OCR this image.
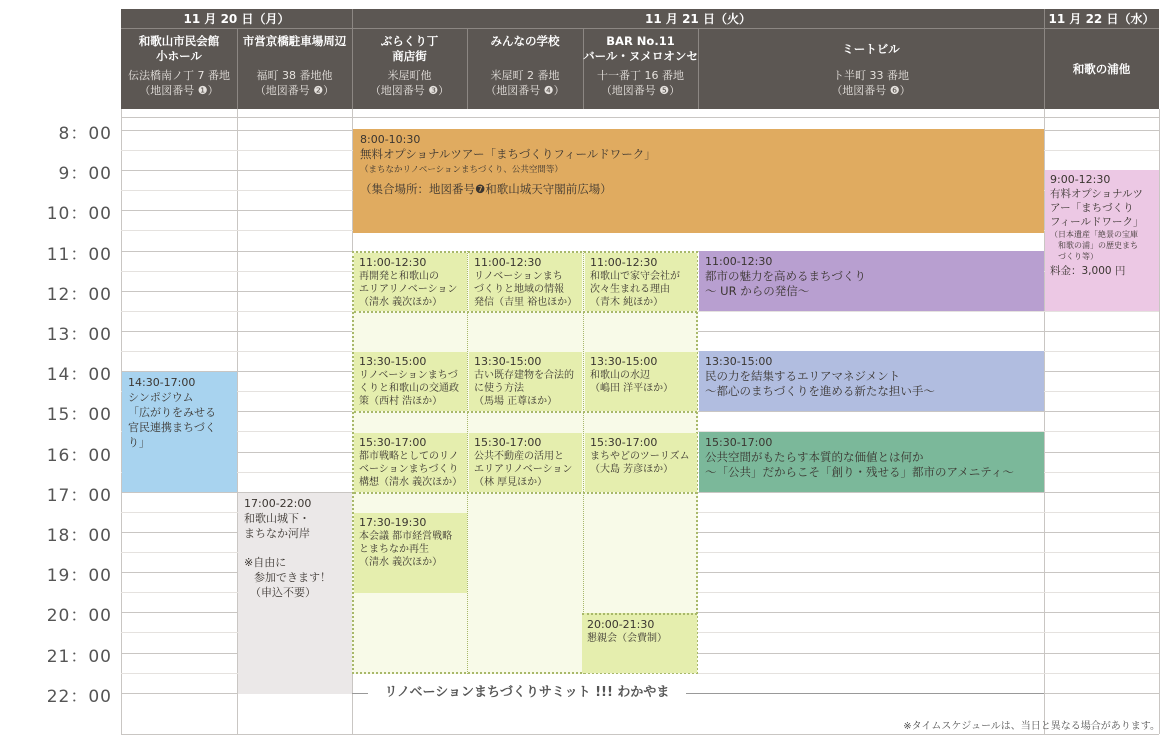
11 月 20 日（月）	11 月 21 日（火）	11 月 22 日（水）
和歌山市民会館
小ホール
伝法橋南ノ丁 7 番地
（地図番号 ❶）
市営京橋駐車場周辺
福町 38 番地他
（地図番号 ❷）
ぶらくり丁
商店街
米屋町他
（地図番号 ❸）
みんなの学校
米屋町 2 番地
（地図番号 ❹）
BAR No.11
バール・ヌメロオンセ
十一番丁 16 番地
（地図番号 ❺）
ミートビル
ト半町 33 番地
（地図番号 ❻）
和歌の浦他
8：00
9：00
10：00
11：00
12：00
13：00
14：00
15：00
16：00
17：00
18：00
19：00
20：00
21：00
22：00
8:00-10:30
無料オプショナルツアー「まちづくりフィールドワーク」
（まちなかリノベーションまちづくり、公共空間等）
（集合場所：地図番号❼和歌山城天守閣前広場）
9:00-12:30
有料オプショナルツ
アー「まちづくり
フィールドワーク」
（日本遺産「絶景の宝庫
　和歌の浦」の歴史まち
　づくり等）
料金：3,000 円
14:30-17:00
シンポジウム
「広がりをみせる
官民連携まちづく
り」
17:00-22:00
和歌山城下・
まちなか河岸
※自由に
参加できます！
（申込不要）
11:00-12:30
再開発と和歌山の
エリアリノベーション
（清水 義次ほか）
11:00-12:30
リノベーションまち
づくりと地域の情報
発信（吉里 裕也ほか）
11:00-12:30
和歌山で家守会社が
次々生まれる理由
（青木 純ほか）
11:00-12:30
都市の魅力を高めるまちづくり
～ UR からの発信～
13:30-15:00
リノベーションまちづ
くりと和歌山の交通政
策（西村 浩ほか）
13:30-15:00
古い既存建物を合法的
に使う方法
（馬場 正尊ほか）
13:30-15:00
和歌山の水辺
（嶋田 洋平ほか）
13:30-15:00
民の力を結集するエリアマネジメント
～都心のまちづくりを進める新たな担い手～
15:30-17:00
都市戦略としてのリノ
ベーションまちづくり
構想（清水 義次ほか）
15:30-17:00
公共不動産の活用と
エリアリノベーション
（林 厚見ほか）
15:30-17:00
まちやどのツーリズム
（大島 芳彦ほか）
15:30-17:00
公共空間がもたらす本質的な価値とは何か
～「公共」だからこそ「創り・残せる」都市のアメニティ～
17:30-19:30
本会議 都市経営戦略
とまちなか再生
（清水 義次ほか）
20:00-21:30
懇親会（会費制）
リノベーションまちづくりサミット !!! わかやま
※タイムスケジュールは、当日と異なる場合があります。
